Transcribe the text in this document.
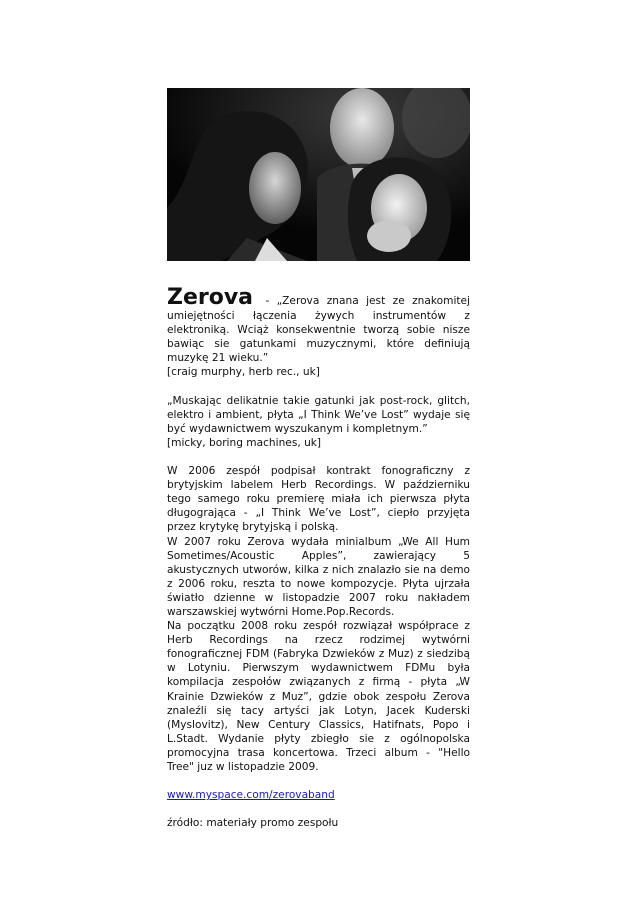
Zerova - „Zerova znana jest ze znakomitej umiejętności łączenia żywych instrumentów z elektroniką. Wciąż konsekwentnie tworzą sobie nisze bawiąc sie gatunkami muzycznymi, które definiują muzykę 21 wieku.”

[craig murphy, herb rec., uk]

„Muskając delikatnie takie gatunki jak post-rock, glitch, elektro i ambient, płyta „I Think We’ve Lost” wydaje się być wydawnictwem wyszukanym i kompletnym.”

[micky, boring machines, uk]

W 2006 zespół podpisał kontrakt fonograficzny z brytyjskim labelem Herb Recordings. W październiku tego samego roku premierę miała ich pierwsza płyta długogrająca - „I Think We’ve Lost”, ciepło przyjęta przez krytykę brytyjską i polską.

W 2007 roku Zerova wydała minialbum „We All Hum Sometimes/Acoustic Apples”, zawierający 5 akustycznych utworów, kilka z nich znalazło sie na demo z 2006 roku, reszta to nowe kompozycje. Płyta ujrzała światło dzienne w listopadzie 2007 roku nakładem warszawskiej wytwórni Home.Pop.Records.

Na początku 2008 roku zespół rozwiązał współprace z Herb Recordings na rzecz rodzimej wytwórni fonograficznej FDM (Fabryka Dzwieków z Muz) z siedzibą w Lotyniu. Pierwszym wydawnictwem FDMu była kompilacja zespołów związanych z firmą - płyta „W Krainie Dzwieków z Muz”, gdzie obok zespołu Zerova znaleźli się tacy artyści jak Lotyn, Jacek Kuderski (Myslovitz), New Century Classics, Hatifnats, Popo i L.Stadt. Wydanie płyty zbiegło sie z ogólnopolska promocyjna trasa koncertowa. Trzeci album - "Hello Tree" juz w listopadzie 2009.

www.myspace.com/zerovaband

źródło: materiały promo zespołu
